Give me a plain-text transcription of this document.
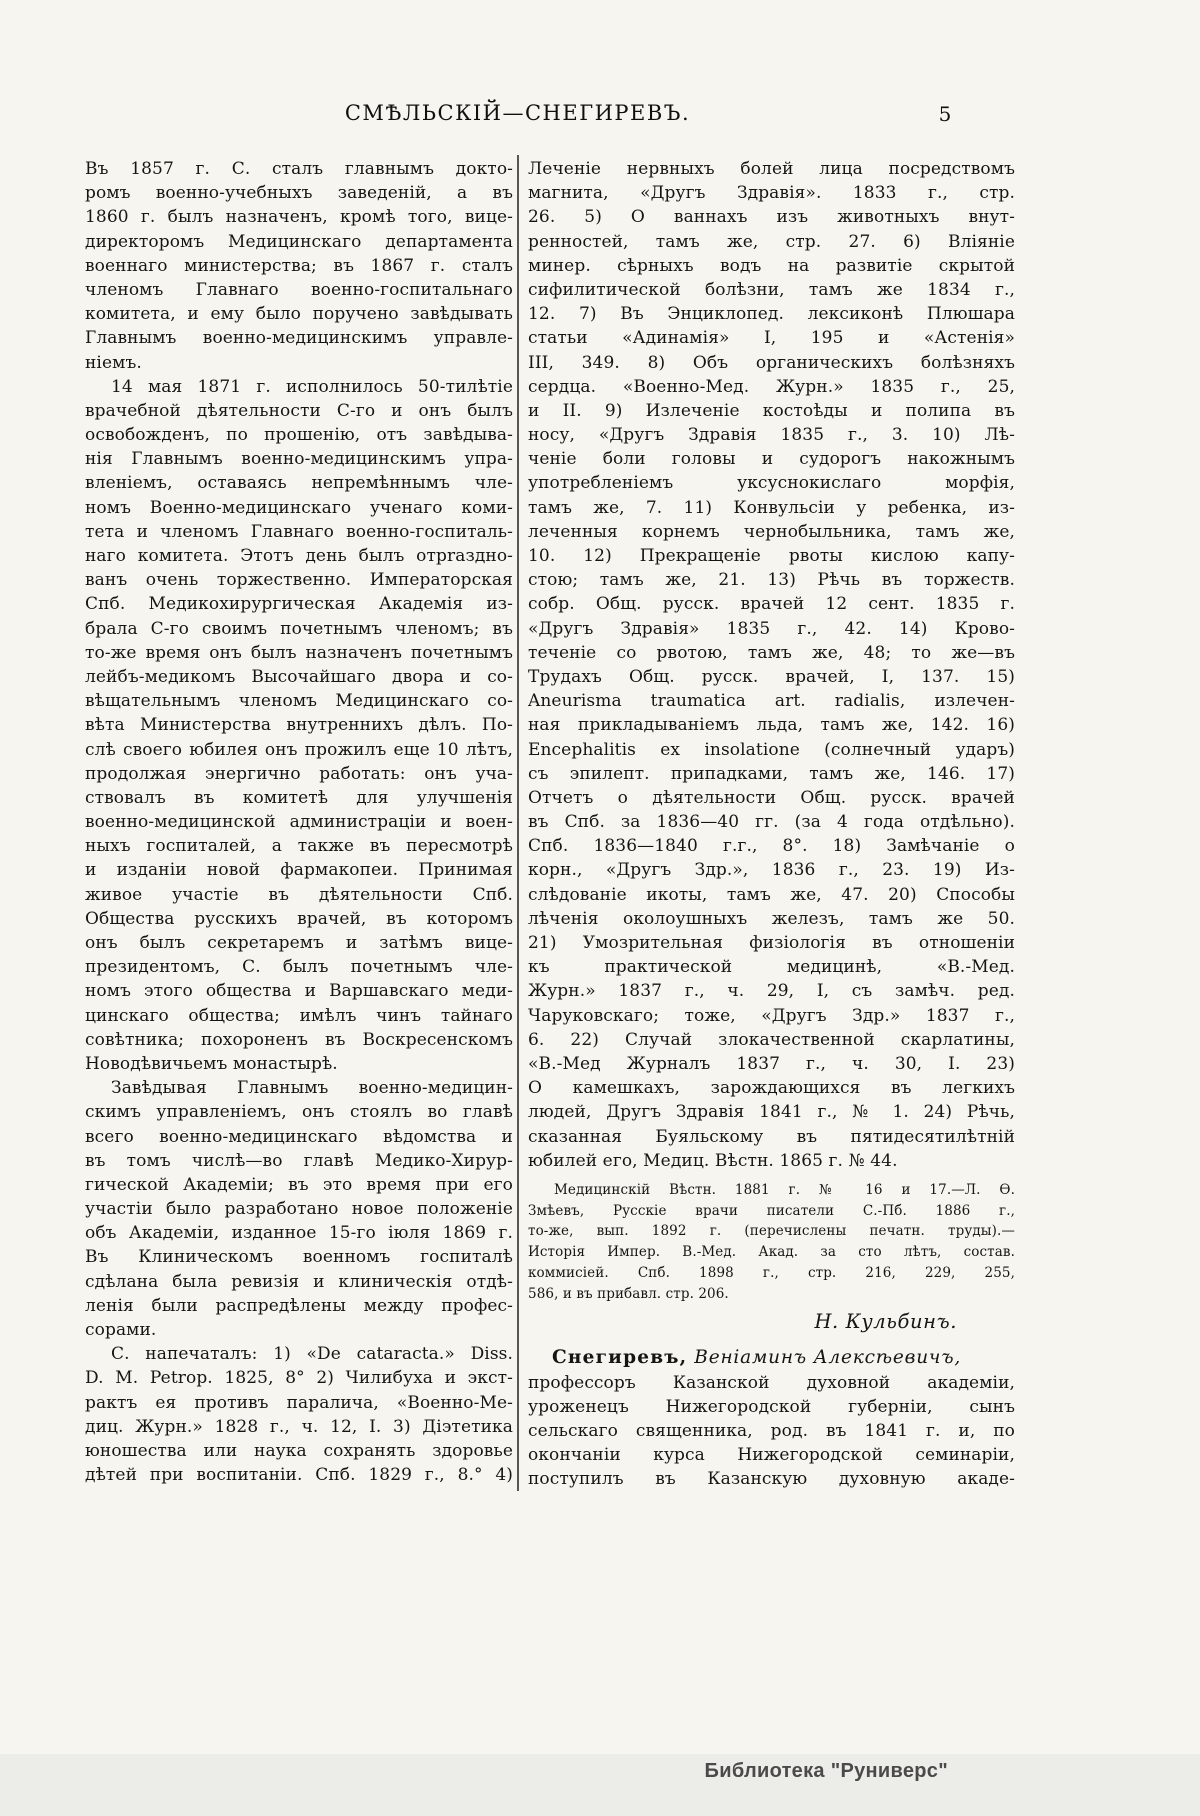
СМѢЛЬСКІЙ—СНЕГИРЕВЪ.	5
Въ 1857 г. С. сталъ главнымъ докто-
ромъ военно-учебныхъ заведеній, а въ
1860 г. былъ назначенъ, кромѣ того, вице-
директоромъ Медицинскаго департамента
военнаго министерства; въ 1867 г. сталъ
членомъ Главнаго военно-госпитальнаго
комитета, и ему было поручено завѣдывать
Главнымъ военно-медицинскимъ управле-
ніемъ.
14 мая 1871 г. исполнилось 50-тилѣтіе
врачебной дѣятельности С-го и онъ былъ
освобожденъ, по прошенію, отъ завѣдыва-
нія Главнымъ военно-медицинскимъ упра-
вленіемъ, оставаясь непремѣннымъ чле-
номъ Военно-медицинскаго ученаго коми-
тета и членомъ Главнаго военно-госпиталь-
наго комитета. Этотъ день былъ отpraздно-
ванъ очень торжественно. Императорская
Спб. Медикохирургическая Академія из-
брала С-го своимъ почетнымъ членомъ; въ
то-же время онъ былъ назначенъ почетнымъ
лейбъ-медикомъ Высочайшаго двора и со-
вѣщательнымъ членомъ Медицинскаго со-
вѣта Министерства внутреннихъ дѣлъ. По-
слѣ своего юбилея онъ прожилъ еще 10 лѣтъ,
продолжая энергично работать: онъ уча-
ствовалъ въ комитетѣ для улучшенія
военно-медицинской администраціи и воен-
ныхъ госпиталей, а также въ пересмотрѣ
и изданіи новой фармакопеи. Принимая
живое участіе въ дѣятельности Спб.
Общества русскихъ врачей, въ которомъ
онъ былъ секретаремъ и затѣмъ вице-
президентомъ, С. былъ почетнымъ чле-
номъ этого общества и Варшавскаго меди-
цинскаго общества; имѣлъ чинъ тайнаго
совѣтника; похороненъ въ Воскресенскомъ
Новодѣвичьемъ монастырѣ.
Завѣдывая Главнымъ военно-медицин-
скимъ управленіемъ, онъ стоялъ во главѣ
всего военно-медицинскаго вѣдомства и
въ томъ числѣ—во главѣ Медико-Хирур-
гической Академіи; въ это время при его
участіи было разработано новое положеніе
объ Академіи, изданное 15-го іюля 1869 г.
Въ Клиническомъ военномъ госпиталѣ
сдѣлана была ревизія и клиническія отдѣ-
ленія были распредѣлены между профес-
сорами.
С. напечаталъ: 1) «De cataracta.» Diss.
D. M. Petrop. 1825, 8° 2) Чилибуха и экст-
рактъ ея противъ паралича, «Военно-Ме-
диц. Журн.» 1828 г., ч. 12, I. 3) Діэтетика
юношества или наука сохранять здоровье
дѣтей при воспитаніи. Спб. 1829 г., 8.° 4)
Леченіе нервныхъ болей лица посредствомъ
магнита, «Другъ Здравія». 1833 г., стр.
26. 5) О ваннахъ изъ животныхъ внут-
ренностей, тамъ же, стр. 27. 6) Вліяніе
минер. сѣрныхъ водъ на развитіе скрытой
сифилитической болѣзни, тамъ же 1834 г.,
12. 7) Въ Энциклопед. лексиконѣ Плюшара
статьи «Адинамія» I, 195 и «Астенія»
III, 349. 8) Объ органическихъ болѣзняхъ
сердца. «Военно-Мед. Журн.» 1835 г., 25,
и II. 9) Излеченіе костоѣды и полипа въ
носу, «Другъ Здравія 1835 г., 3. 10) Лѣ-
ченіе боли головы и судорогъ накожнымъ
употребленіемъ уксуснокислаго морфія,
тамъ же, 7. 11) Конвульсіи у ребенка, из-
леченныя корнемъ чернобыльника, тамъ же,
10. 12) Прекращеніе рвоты кислою капу-
стою; тамъ же, 21. 13) Рѣчь въ торжеств.
собр. Общ. русск. врачей 12 сент. 1835 г.
«Другъ Здравія» 1835 г., 42. 14) Крово-
теченіе со рвотою, тамъ же, 48; то же—въ
Трудахъ Общ. русск. врачей, I, 137. 15)
Aneurisma traumatica art. radialis, излечен-
ная прикладываніемъ льда, тамъ же, 142. 16)
Encephalitis ex insolatione (солнечный ударъ)
съ эпилепт. припадками, тамъ же, 146. 17)
Отчетъ о дѣятельности Общ. русск. врачей
въ Спб. за 1836—40 гг. (за 4 года отдѣльно).
Спб. 1836—1840 г.г., 8°. 18) Замѣчаніе о
корн., «Другъ Здр.», 1836 г., 23. 19) Из-
слѣдованіе икоты, тамъ же, 47. 20) Способы
лѣченія околоушныхъ железъ, тамъ же 50.
21) Умозрительная физіологія въ отношеніи
къ практической медицинѣ, «В.-Мед.
Журн.» 1837 г., ч. 29, I, съ замѣч. ред.
Чаруковскаго; тоже, «Другъ Здр.» 1837 г.,
6. 22) Случай злокачественной скарлатины,
«В.-Мед Журналъ 1837 г., ч. 30, I. 23)
О камешкахъ, зарождающихся въ легкихъ
людей, Другъ Здравія 1841 г., № 1. 24) Рѣчь,
сказанная Буяльскому въ пятидесятилѣтній
юбилей его, Медиц. Вѣстн. 1865 г. № 44.
Медицинскій Вѣстн. 1881 г. № 16 и 17.—Л. Ѳ.
Змѣевъ, Русскіе врачи писатели С.-Пб. 1886 г.,
то-же, вып. 1892 г. (перечислены печатн. труды).—
Исторія Импер. В.-Мед. Акад. за сто лѣтъ, состав.
коммисіей. Спб. 1898 г., стр. 216, 229, 255,
586, и въ прибавл. стр. 206.
Н. Кульбинъ.
Снегиревъ, Веніаминъ Алексѣевичъ,
профессоръ Казанской духовной академіи,
уроженецъ Нижегородской губерніи, сынъ
сельскаго священника, род. въ 1841 г. и, по
окончаніи курса Нижегородской семинаріи,
поступилъ въ Казанскую духовную акаде-
Библиотека "Руниверс"
